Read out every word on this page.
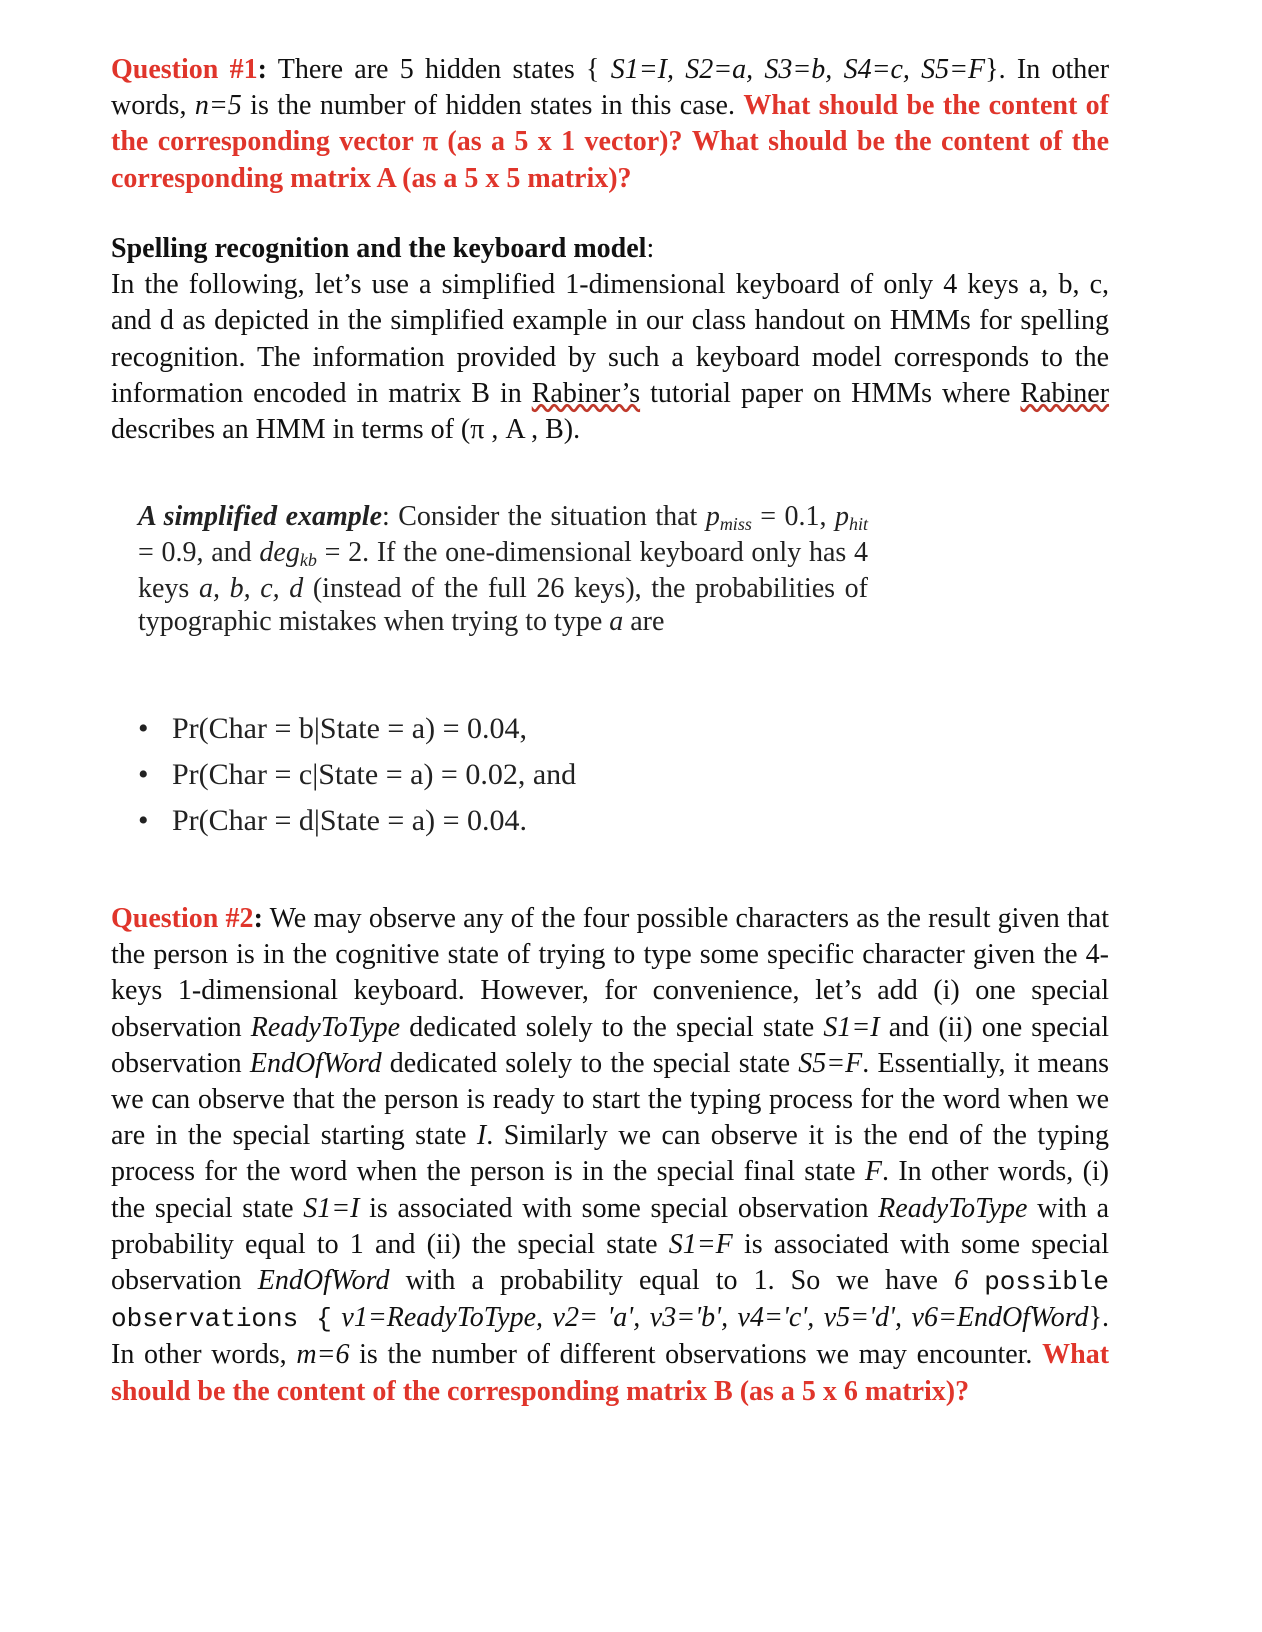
Question #1: There are 5 hidden states { S1=I, S2=a, S3=b, S4=c, S5=F}. In other words, n=5 is the number of hidden states in this case. What should be the content of the corresponding vector π (as a 5 x 1 vector)? What should be the content of the corresponding matrix A (as a 5 x 5 matrix)?

Spelling recognition and the keyboard model:
In the following, let’s use a simplified 1-dimensional keyboard of only 4 keys a, b, c, and d as depicted in the simplified example in our class handout on HMMs for spelling recognition. The information provided by such a keyboard model corresponds to the information encoded in matrix B in Rabiner’s tutorial paper on HMMs where Rabiner describes an HMM in terms of (π , A , B).

A simplified example: Consider the situation that pmiss = 0.1, phit = 0.9, and degkb = 2. If the one-dimensional keyboard only has 4 keys a, b, c, d (instead of the full 26 keys), the probabilities of typographic mistakes when trying to type a are
• Pr(Char = b|State = a) = 0.04,
• Pr(Char = c|State = a) = 0.02, and
• Pr(Char = d|State = a) = 0.04.

Question #2: We may observe any of the four possible characters as the result given that the person is in the cognitive state of trying to type some specific character given the 4-keys 1-dimensional keyboard. However, for convenience, let’s add (i) one special observation ReadyToType dedicated solely to the special state S1=I and (ii) one special observation EndOfWord dedicated solely to the special state S5=F. Essentially, it means we can observe that the person is ready to start the typing process for the word when we are in the special starting state I. Similarly we can observe it is the end of the typing process for the word when the person is in the special final state F. In other words, (i) the special state S1=I is associated with some special observation ReadyToType with a probability equal to 1 and (ii) the special state S1=F is associated with some special observation EndOfWord with a probability equal to 1. So we have 6 possible observations { v1=ReadyToType, v2= 'a', v3='b', v4='c', v5='d', v6=EndOfWord}. In other words, m=6 is the number of different observations we may encounter. What should be the content of the corresponding matrix B (as a 5 x 6 matrix)?
